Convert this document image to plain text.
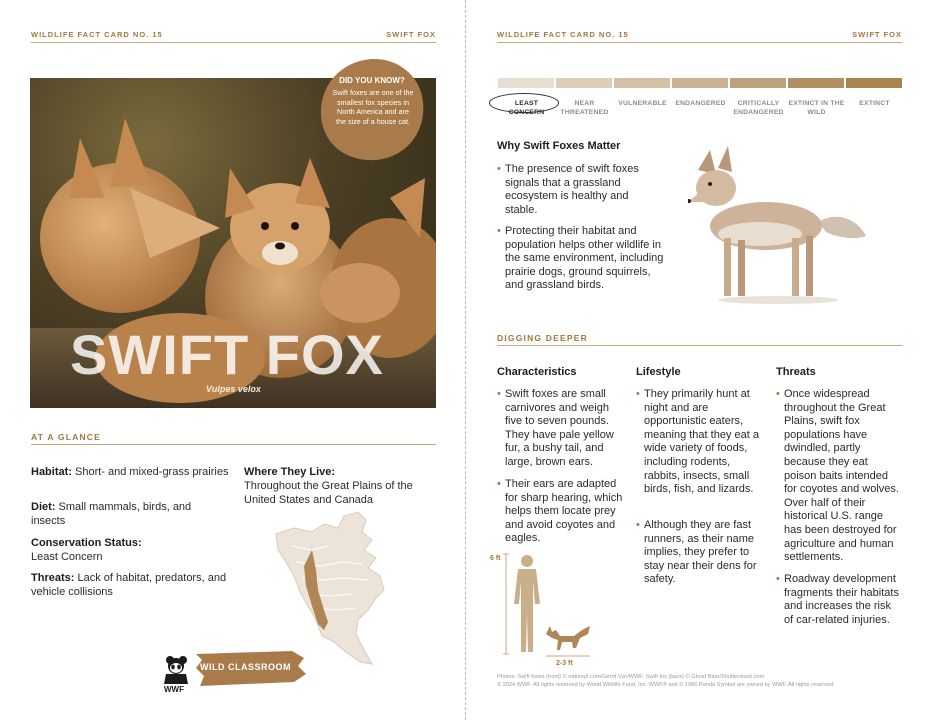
WILDLIFE FACT CARD NO. 15	SWIFT FOX
SWIFT FOX
Vulpes velox
DID YOU KNOW?
Swift foxes are one of the smallest fox species in North America and are the size of a house cat.
AT A GLANCE
Habitat: Short- and mixed-grass prairies
Diet: Small mammals, birds, and insects
Conservation Status:
Least Concern
Threats: Lack of habitat, predators, and vehicle collisions
Where They Live:
Throughout the Great Plains of the United States and Canada
WWF
WILD CLASSROOM
WILDLIFE FACT CARD NO. 15	SWIFT FOX
LEAST CONCERN
NEAR THREATENED
VULNERABLE	ENDANGERED	CRITICALLY ENDANGERED
EXTINCT IN THE WILD
EXTINCT
Why Swift Foxes Matter
• The presence of swift foxes signals that a grassland ecosystem is healthy and stable.
• Protecting their habitat and population helps other wildlife in the same environment, including prairie dogs, ground squirrels, and grassland birds.
DIGGING DEEPER
Characteristics
• Swift foxes are small carnivores and weigh five to seven pounds. They have pale yellow fur, a bushy tail, and large, brown ears.
• Their ears are adapted for sharp hearing, which helps them locate prey and avoid coyotes and eagles.
Lifestyle
• They primarily hunt at night and are opportunistic eaters, meaning that they eat a wide variety of foods, including rodents, rabbits, insects, small birds, fish, and lizards.
• Although they are fast runners, as their name implies, they prefer to stay near their dens for safety.
Threats
• Once widespread throughout the Great Plains, swift fox populations have dwindled, partly because they eat poison baits intended for coyotes and wolves. Over half of their historical U.S. range has been destroyed for agriculture and human settlements.
• Roadway development fragments their habitats and increases the risk of car-related injuries.
6 ft
2-3 ft
Photos: Swift foxes (front) © naturepl.com/Gerrit Vyn/WWF; Swift fox (back) © Ghost Bear/Shutterstock.com
© 2024 WWF. All rights reserved by World Wildlife Fund, Inc. WWF® and © 1986 Panda Symbol are owned by WWF. All rights reserved.
